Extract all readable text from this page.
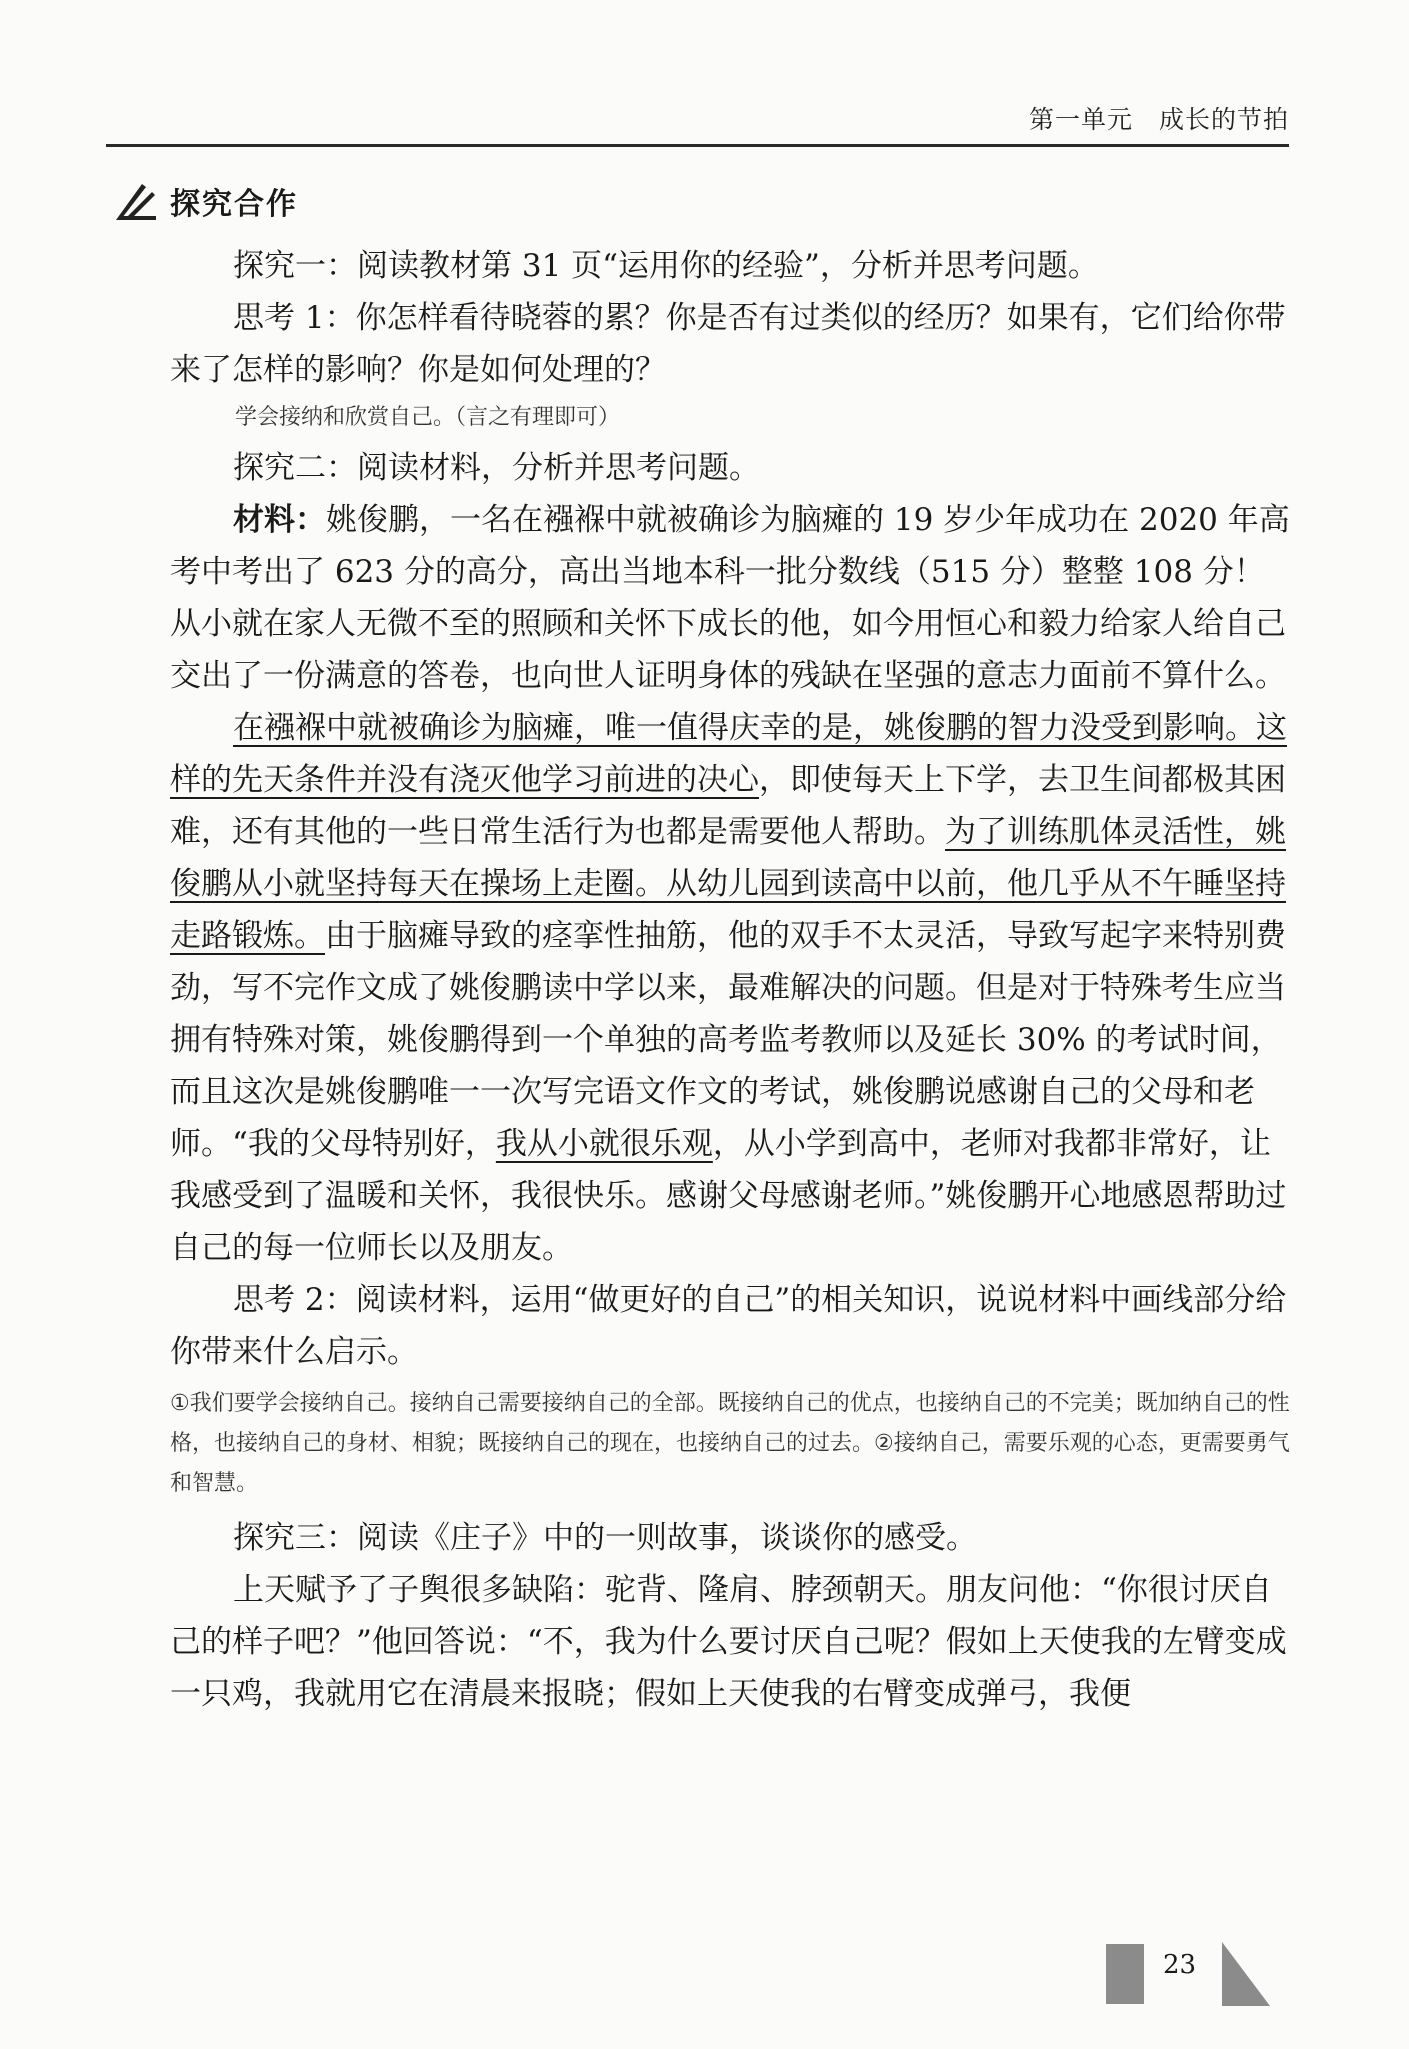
第一单元 成长的节拍
探究合作

探究一：阅读教材第 31 页“运用你的经验”，分析并思考问题。

思考 1：你怎样看待晓蓉的累？你是否有过类似的经历？如果有，它们给你带来了怎样的影响？你是如何处理的？

学会接纳和欣赏自己。（言之有理即可）

探究二：阅读材料，分析并思考问题。

材料：姚俊鹏，一名在襁褓中就被确诊为脑瘫的 19 岁少年成功在 2020 年高考中考出了 623 分的高分，高出当地本科一批分数线（515 分）整整 108 分！从小就在家人无微不至的照顾和关怀下成长的他，如今用恒心和毅力给家人给自己交出了一份满意的答卷，也向世人证明身体的残缺在坚强的意志力面前不算什么。

在襁褓中就被确诊为脑瘫，唯一值得庆幸的是，姚俊鹏的智力没受到影响。这样的先天条件并没有浇灭他学习前进的决心，即使每天上下学，去卫生间都极其困难，还有其他的一些日常生活行为也都是需要他人帮助。为了训练肌体灵活性，姚俊鹏从小就坚持每天在操场上走圈。从幼儿园到读高中以前，他几乎从不午睡坚持走路锻炼。由于脑瘫导致的痉挛性抽筋，他的双手不太灵活，导致写起字来特别费劲，写不完作文成了姚俊鹏读中学以来，最难解决的问题。但是对于特殊考生应当拥有特殊对策，姚俊鹏得到一个单独的高考监考教师以及延长 30% 的考试时间，而且这次是姚俊鹏唯一一次写完语文作文的考试，姚俊鹏说感谢自己的父母和老师。“我的父母特别好，我从小就很乐观，从小学到高中，老师对我都非常好，让我感受到了温暖和关怀，我很快乐。感谢父母感谢老师。”姚俊鹏开心地感恩帮助过自己的每一位师长以及朋友。

思考 2：阅读材料，运用“做更好的自己”的相关知识，说说材料中画线部分给你带来什么启示。

①我们要学会接纳自己。接纳自己需要接纳自己的全部。既接纳自己的优点，也接纳自己的不完美；既加纳自己的性格，也接纳自己的身材、相貌；既接纳自己的现在，也接纳自己的过去。②接纳自己，需要乐观的心态，更需要勇气和智慧。

探究三：阅读《庄子》中的一则故事，谈谈你的感受。

上天赋予了子舆很多缺陷：驼背、隆肩、脖颈朝天。朋友问他：“你很讨厌自己的样子吧？”他回答说：“不，我为什么要讨厌自己呢？假如上天使我的左臂变成一只鸡，我就用它在清晨来报晓；假如上天使我的右臂变成弹弓，我便

23
